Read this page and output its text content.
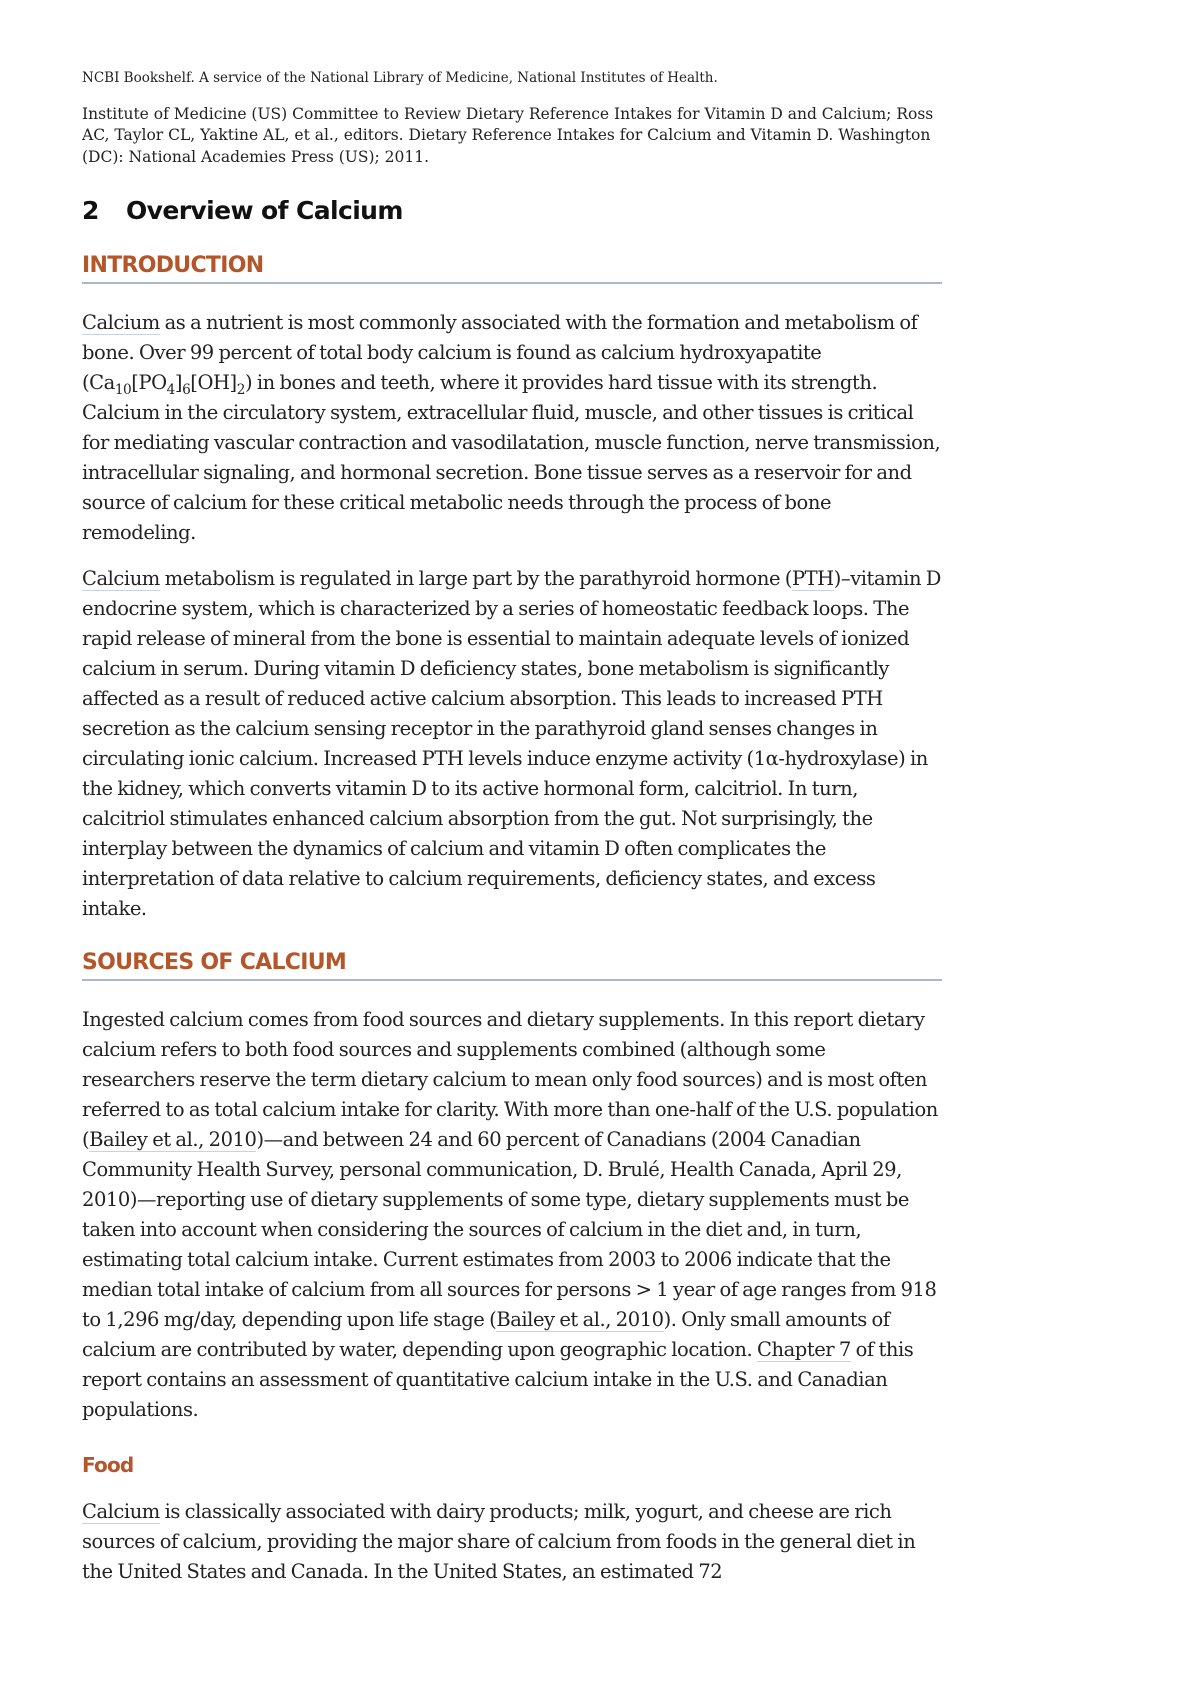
NCBI Bookshelf. A service of the National Library of Medicine, National Institutes of Health.
Institute of Medicine (US) Committee to Review Dietary Reference Intakes for Vitamin D and Calcium; Ross AC, Taylor CL, Yaktine AL, et al., editors. Dietary Reference Intakes for Calcium and Vitamin D. Washington (DC): National Academies Press (US); 2011.
2 Overview of Calcium
INTRODUCTION

Calcium as a nutrient is most commonly associated with the formation and metabolism of bone. Over 99 percent of total body calcium is found as calcium hydroxyapatite $(Ca_{10}[PO_4]_6[OH]_2)$ in bones and teeth, where it provides hard tissue with its strength. Calcium in the circulatory system, extracellular fluid, muscle, and other tissues is critical for mediating vascular contraction and vasodilatation, muscle function, nerve transmission, intracellular signaling, and hormonal secretion. Bone tissue serves as a reservoir for and source of calcium for these critical metabolic needs through the process of bone remodeling.

Calcium metabolism is regulated in large part by the parathyroid hormone (PTH)–vitamin D endocrine system, which is characterized by a series of homeostatic feedback loops. The rapid release of mineral from the bone is essential to maintain adequate levels of ionized calcium in serum. During vitamin D deficiency states, bone metabolism is significantly affected as a result of reduced active calcium absorption. This leads to increased PTH secretion as the calcium sensing receptor in the parathyroid gland senses changes in circulating ionic calcium. Increased PTH levels induce enzyme activity (1α-hydroxylase) in the kidney, which converts vitamin D to its active hormonal form, calcitriol. In turn, calcitriol stimulates enhanced calcium absorption from the gut. Not surprisingly, the interplay between the dynamics of calcium and vitamin D often complicates the interpretation of data relative to calcium requirements, deficiency states, and excess intake.

SOURCES OF CALCIUM

Ingested calcium comes from food sources and dietary supplements. In this report dietary calcium refers to both food sources and supplements combined (although some researchers reserve the term dietary calcium to mean only food sources) and is most often referred to as total calcium intake for clarity. With more than one-half of the U.S. population (Bailey et al., 2010)—and between 24 and 60 percent of Canadians (2004 Canadian Community Health Survey, personal communication, D. Brulé, Health Canada, April 29, 2010)—reporting use of dietary supplements of some type, dietary supplements must be taken into account when considering the sources of calcium in the diet and, in turn, estimating total calcium intake. Current estimates from 2003 to 2006 indicate that the median total intake of calcium from all sources for persons > 1 year of age ranges from 918 to 1,296 mg/day, depending upon life stage (Bailey et al., 2010). Only small amounts of calcium are contributed by water, depending upon geographic location. Chapter 7 of this report contains an assessment of quantitative calcium intake in the U.S. and Canadian populations.

Food

Calcium is classically associated with dairy products; milk, yogurt, and cheese are rich sources of calcium, providing the major share of calcium from foods in the general diet in the United States and Canada. In the United States, an estimated 72
